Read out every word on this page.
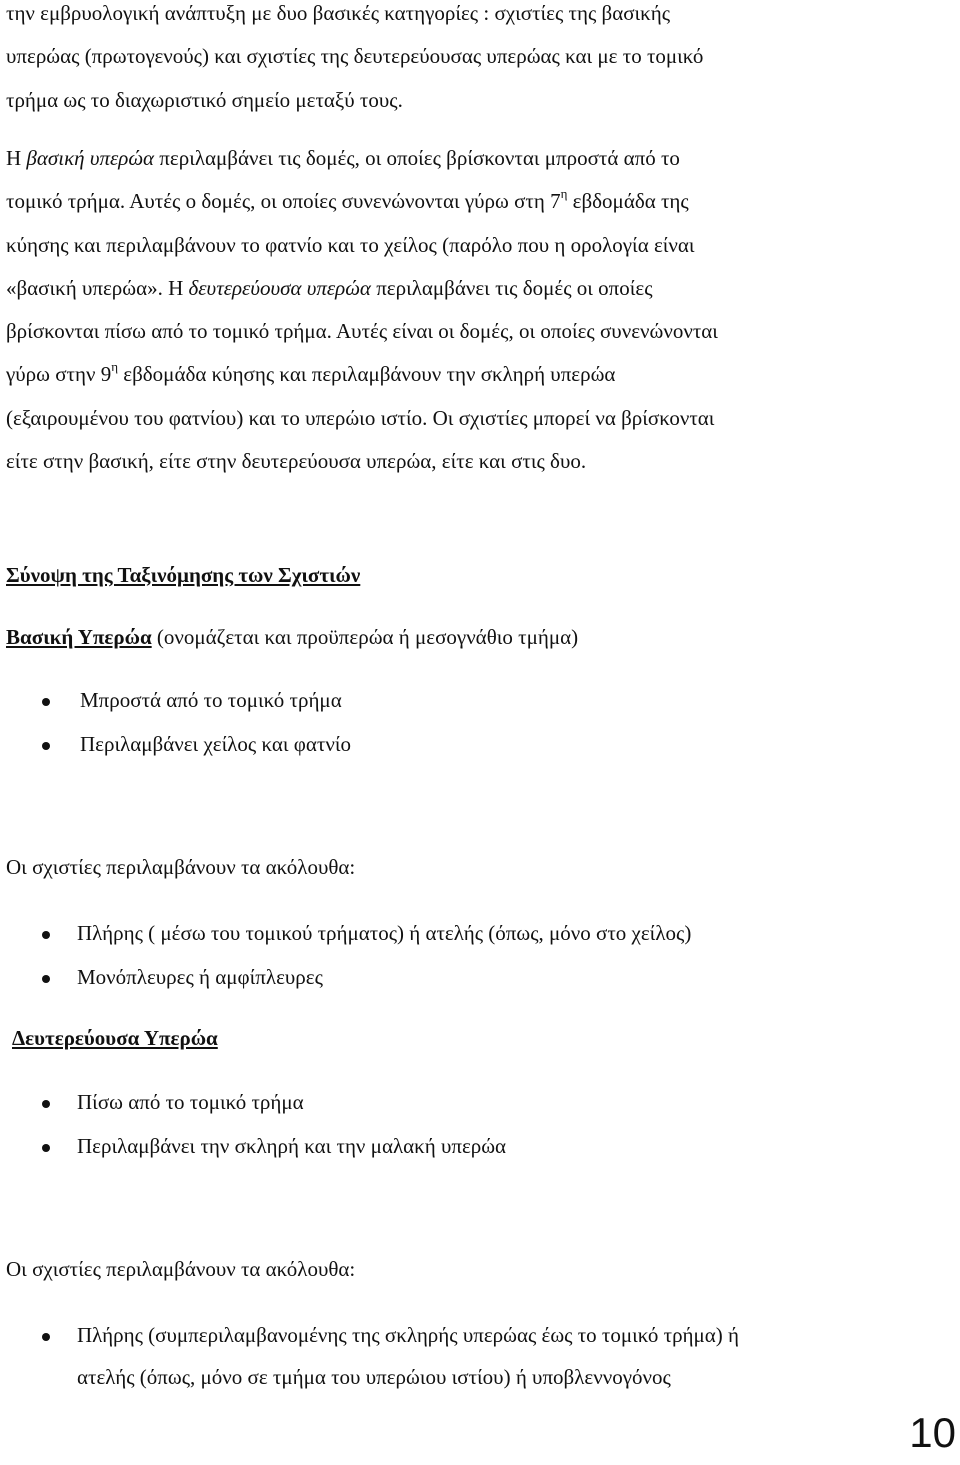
την εμβρυολογική ανάπτυξη με δυο βασικές κατηγορίες : σχιστίες της βασικής
υπερώας (πρωτογενούς) και σχιστίες της δευτερεύουσας υπερώας και με το τομικό
τρήμα ως το διαχωριστικό σημείο μεταξύ τους.

Η βασική υπερώα περιλαμβάνει τις δομές, οι οποίες βρίσκονται μπροστά από το
τομικό τρήμα. Αυτές ο δομές, οι οποίες συνενώνονται γύρω στη $7^\eta$ εβδομάδα της
κύησης και περιλαμβάνουν το φατνίο και το χείλος (παρόλο που η ορολογία είναι
«βασική υπερώα». Η δευτερεύουσα υπερώα περιλαμβάνει τις δομές οι οποίες
βρίσκονται πίσω από το τομικό τρήμα. Αυτές είναι οι δομές, οι οποίες συνενώνονται
γύρω στην $9^\eta$ εβδομάδα κύησης και περιλαμβάνουν την σκληρή υπερώα
(εξαιρουμένου του φατνίου) και το υπερώιο ιστίο. Οι σχιστίες μπορεί να βρίσκονται
είτε στην βασική, είτε στην δευτερεύουσα υπερώα, είτε και στις δυο.

Σύνοψη της Ταξινόμησης των Σχιστιών

Βασική Υπερώα (ονομάζεται και προϋπερώα ή μεσογνάθιο τμήμα)

Μπροστά από το τομικό τρήμα
Περιλαμβάνει χείλος και φατνίο

Οι σχιστίες περιλαμβάνουν τα ακόλουθα:

Πλήρης ( μέσω του τομικού τρήματος) ή ατελής (όπως, μόνο στο χείλος)
Μονόπλευρες ή αμφίπλευρες

Δευτερεύουσα Υπερώα

Πίσω από το τομικό τρήμα
Περιλαμβάνει την σκληρή και την μαλακή υπερώα

Οι σχιστίες περιλαμβάνουν τα ακόλουθα:

Πλήρης (συμπεριλαμβανομένης της σκληρής υπερώας έως το τομικό τρήμα) ή
ατελής (όπως, μόνο σε τμήμα του υπερώιου ιστίου) ή υποβλεννογόνος
10
